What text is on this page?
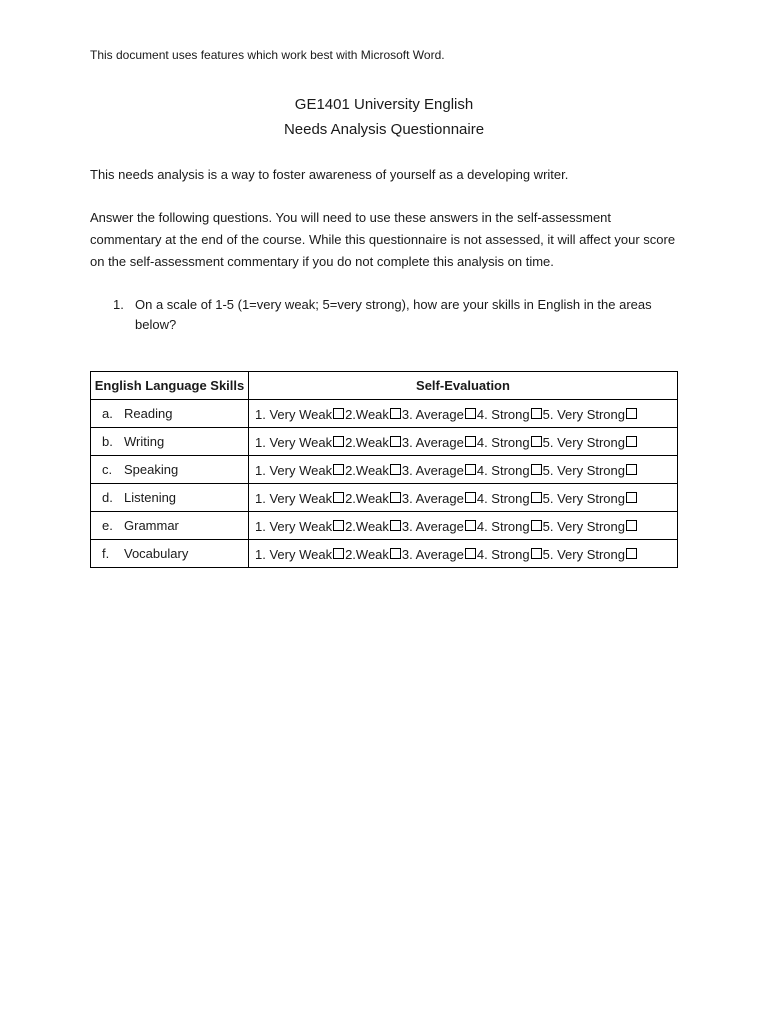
This document uses features which work best with Microsoft Word.
GE1401 University English
Needs Analysis Questionnaire
This needs analysis is a way to foster awareness of yourself as a developing writer.
Answer the following questions. You will need to use these answers in the self-assessment commentary at the end of the course. While this questionnaire is not assessed, it will affect your score on the self-assessment commentary if you do not complete this analysis on time.
1. On a scale of 1-5 (1=very weak; 5=very strong), how are your skills in English in the areas below?
English Language Skills	Self-Evaluation
a. Reading	1. Very Weak 2.Weak 3. Average 4. Strong 5. Very Strong
b. Writing	1. Very Weak 2.Weak 3. Average 4. Strong 5. Very Strong
c. Speaking	1. Very Weak 2.Weak 3. Average 4. Strong 5. Very Strong
d. Listening	1. Very Weak 2.Weak 3. Average 4. Strong 5. Very Strong
e. Grammar	1. Very Weak 2.Weak 3. Average 4. Strong 5. Very Strong
f. Vocabulary	1. Very Weak 2.Weak 3. Average 4. Strong 5. Very Strong
